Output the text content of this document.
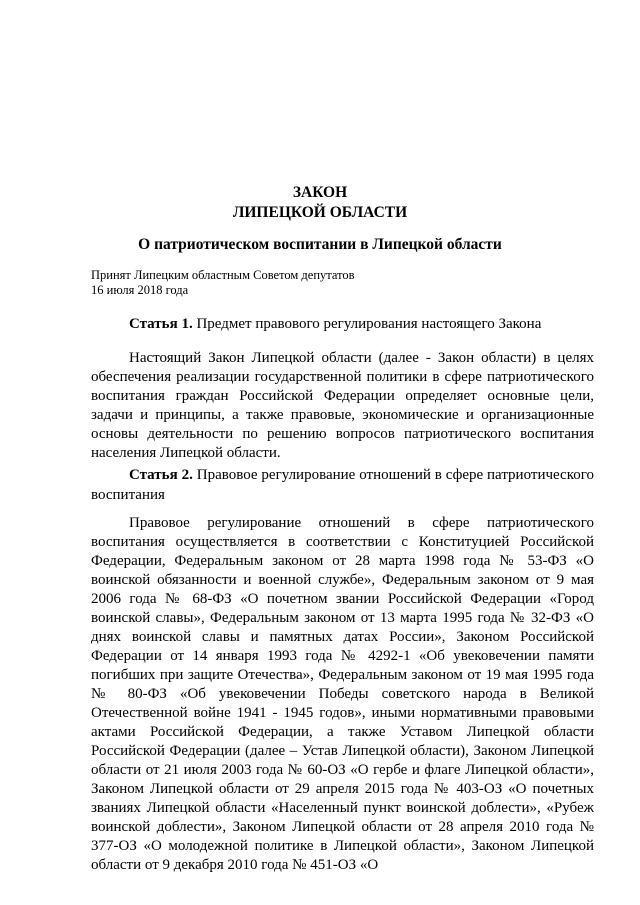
ЗАКОН
ЛИПЕЦКОЙ ОБЛАСТИ
О патриотическом воспитании в Липецкой области
Принят Липецким областным Советом депутатов
16 июля 2018 года
Статья 1. Предмет правового регулирования настоящего Закона
Настоящий Закон Липецкой области (далее - Закон области) в целях обеспечения реализации государственной политики в сфере патриотического воспитания граждан Российской Федерации определяет основные цели, задачи и принципы, а также правовые, экономические и организационные основы деятельности по решению вопросов патриотического воспитания населения Липецкой области.
Статья 2. Правовое регулирование отношений в сфере патриотического воспитания
Правовое регулирование отношений в сфере патриотического воспитания осуществляется в соответствии с Конституцией Российской Федерации, Федеральным законом от 28 марта 1998 года № 53-ФЗ «О воинской обязанности и военной службе», Федеральным законом от 9 мая 2006 года № 68-ФЗ «О почетном звании Российской Федерации «Город воинской славы», Федеральным законом от 13 марта 1995 года № 32-ФЗ «О днях воинской славы и памятных датах России», Законом Российской Федерации от 14 января 1993 года № 4292-1 «Об увековечении памяти погибших при защите Отечества», Федеральным законом от 19 мая 1995 года № 80-ФЗ «Об увековечении Победы советского народа в Великой Отечественной войне 1941 - 1945 годов», иными нормативными правовыми актами Российской Федерации, а также Уставом Липецкой области Российской Федерации (далее – Устав Липецкой области), Законом Липецкой области от 21 июля 2003 года № 60-ОЗ «О гербе и флаге Липецкой области», Законом Липецкой области от 29 апреля 2015 года № 403-ОЗ «О почетных званиях Липецкой области «Населенный пункт воинской доблести», «Рубеж воинской доблести», Законом Липецкой области от 28 апреля 2010 года № 377-ОЗ «О молодежной политике в Липецкой области», Законом Липецкой области от 9 декабря 2010 года № 451-ОЗ «О
